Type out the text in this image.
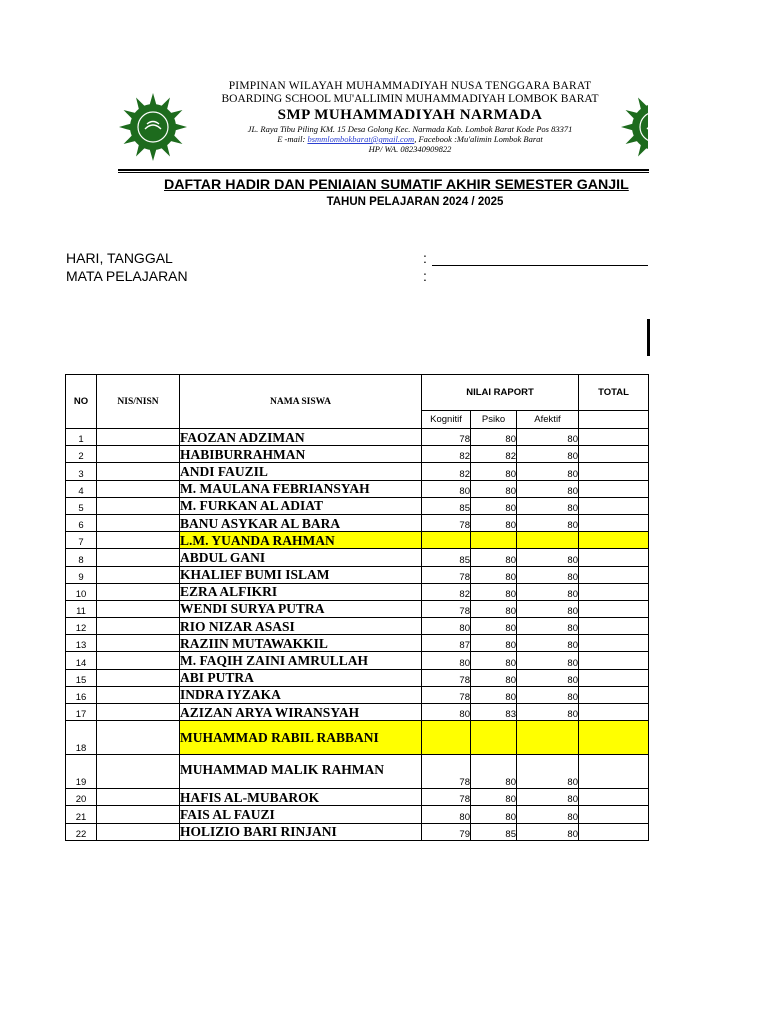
PIMPINAN WILAYAH MUHAMMADIYAH NUSA TENGGARA BARAT
BOARDING SCHOOL MU'ALLIMIN MUHAMMADIYAH LOMBOK BARAT
SMP MUHAMMADIYAH NARMADA
JL. Raya Tibu Piling KM. 15 Desa Golong Kec. Narmada Kab. Lombok Barat Kode Pos 83371
E -mail: bsmmlombokbarat@gmail.com, Facebook :Mu'alimin Lombok Barat
HP/ WA. 082340909822
DAFTAR HADIR DAN PENIAIAN SUMATIF AKHIR SEMESTER GANJIL
TAHUN PELAJARAN 2024 / 2025
HARI, TANGGAL	:
MATA PELAJARAN	:
NO	NIS/NISN	NAMA SISWA	NILAI RAPORT			TOTAL
			Kognitif	Psiko	Afektif	
1		FAOZAN ADZIMAN	78	80	80	
2		HABIBURRAHMAN	82	82	80	
3		ANDI FAUZIL	82	80	80	
4		M. MAULANA FEBRIANSYAH	80	80	80	
5		M. FURKAN AL ADIAT	85	80	80	
6		BANU ASYKAR AL BARA	78	80	80	
7		L.M. YUANDA RAHMAN				
8		ABDUL GANI	85	80	80	
9		KHALIEF BUMI ISLAM	78	80	80	
10		EZRA ALFIKRI	82	80	80	
11		WENDI SURYA PUTRA	78	80	80	
12		RIO NIZAR ASASI	80	80	80	
13		RAZIIN MUTAWAKKIL	87	80	80	
14		M. FAQIH ZAINI AMRULLAH	80	80	80	
15		ABI PUTRA	78	80	80	
16		INDRA IYZAKA	78	80	80	
17		AZIZAN ARYA WIRANSYAH	80	83	80	
18		MUHAMMAD RABIL RABBANI				
19		MUHAMMAD MALIK RAHMAN	78	80	80	
20		HAFIS AL-MUBAROK	78	80	80	
21		FAIS AL FAUZI	80	80	80	
22		HOLIZIO BARI RINJANI	79	85	80	
